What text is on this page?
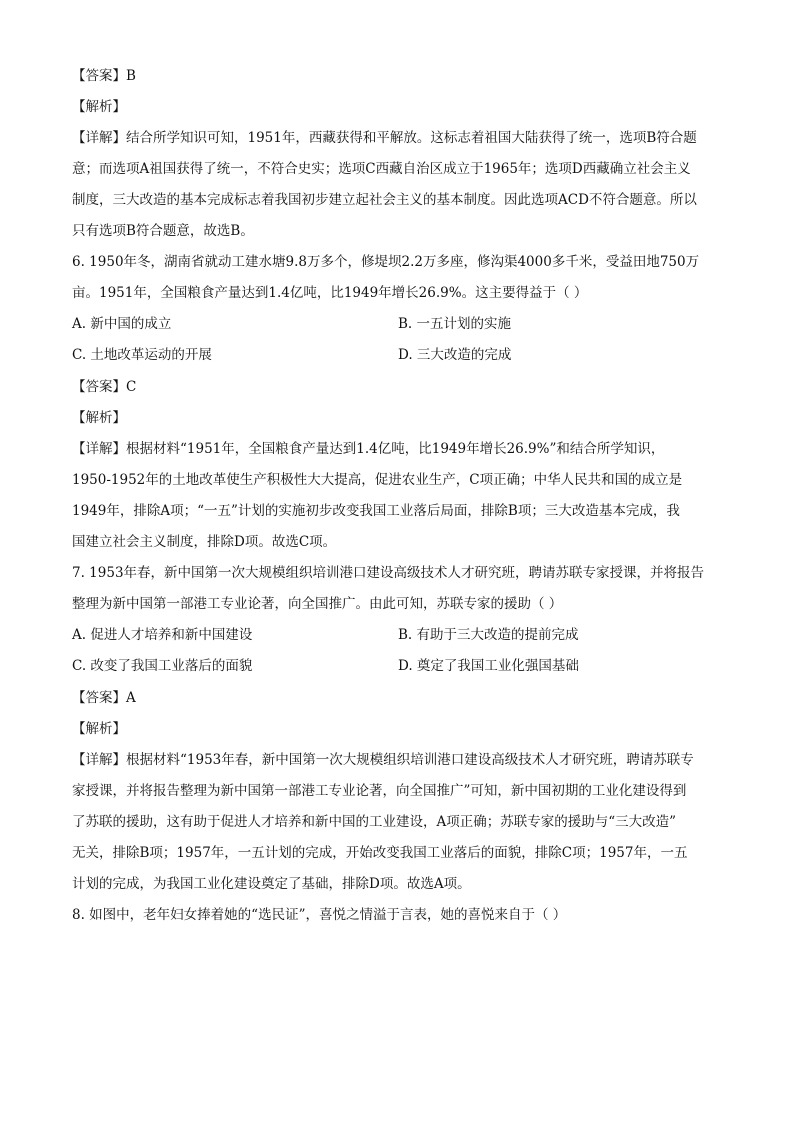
【答案】B
【解析】
【详解】结合所学知识可知，1951年，西藏获得和平解放。这标志着祖国大陆获得了统一，选项B符合题
意；而选项A祖国获得了统一，不符合史实；选项C西藏自治区成立于1965年；选项D西藏确立社会主义
制度，三大改造的基本完成标志着我国初步建立起社会主义的基本制度。因此选项ACD不符合题意。所以
只有选项B符合题意，故选B。
6. 1950年冬，湖南省就动工建水塘9.8万多个，修堤坝2.2万多座，修沟渠4000多千米，受益田地750万
亩。1951年，全国粮食产量达到1.4亿吨，比1949年增长26.9%。这主要得益于（ ）
A. 新中国的成立	B. 一五计划的实施
C. 土地改革运动的开展	D. 三大改造的完成
【答案】C
【解析】
【详解】根据材料“1951年，全国粮食产量达到1.4亿吨，比1949年增长26.9%”和结合所学知识，
1950-1952年的土地改革使生产积极性大大提高，促进农业生产，C项正确；中华人民共和国的成立是
1949年，排除A项；“一五”计划的实施初步改变我国工业落后局面，排除B项；三大改造基本完成，我
国建立社会主义制度，排除D项。故选C项。
7. 1953年春，新中国第一次大规模组织培训港口建设高级技术人才研究班，聘请苏联专家授课，并将报告
整理为新中国第一部港工专业论著，向全国推广。由此可知，苏联专家的援助（ ）
A. 促进人才培养和新中国建设	B. 有助于三大改造的提前完成
C. 改变了我国工业落后的面貌	D. 奠定了我国工业化强国基础
【答案】A
【解析】
【详解】根据材料“1953年春，新中国第一次大规模组织培训港口建设高级技术人才研究班，聘请苏联专
家授课，并将报告整理为新中国第一部港工专业论著，向全国推广”可知，新中国初期的工业化建设得到
了苏联的援助，这有助于促进人才培养和新中国的工业建设，A项正确；苏联专家的援助与“三大改造”
无关，排除B项；1957年，一五计划的完成，开始改变我国工业落后的面貌，排除C项；1957年，一五
计划的完成，为我国工业化建设奠定了基础，排除D项。故选A项。
8. 如图中，老年妇女捧着她的“选民证”，喜悦之情溢于言表，她的喜悦来自于（ ）
